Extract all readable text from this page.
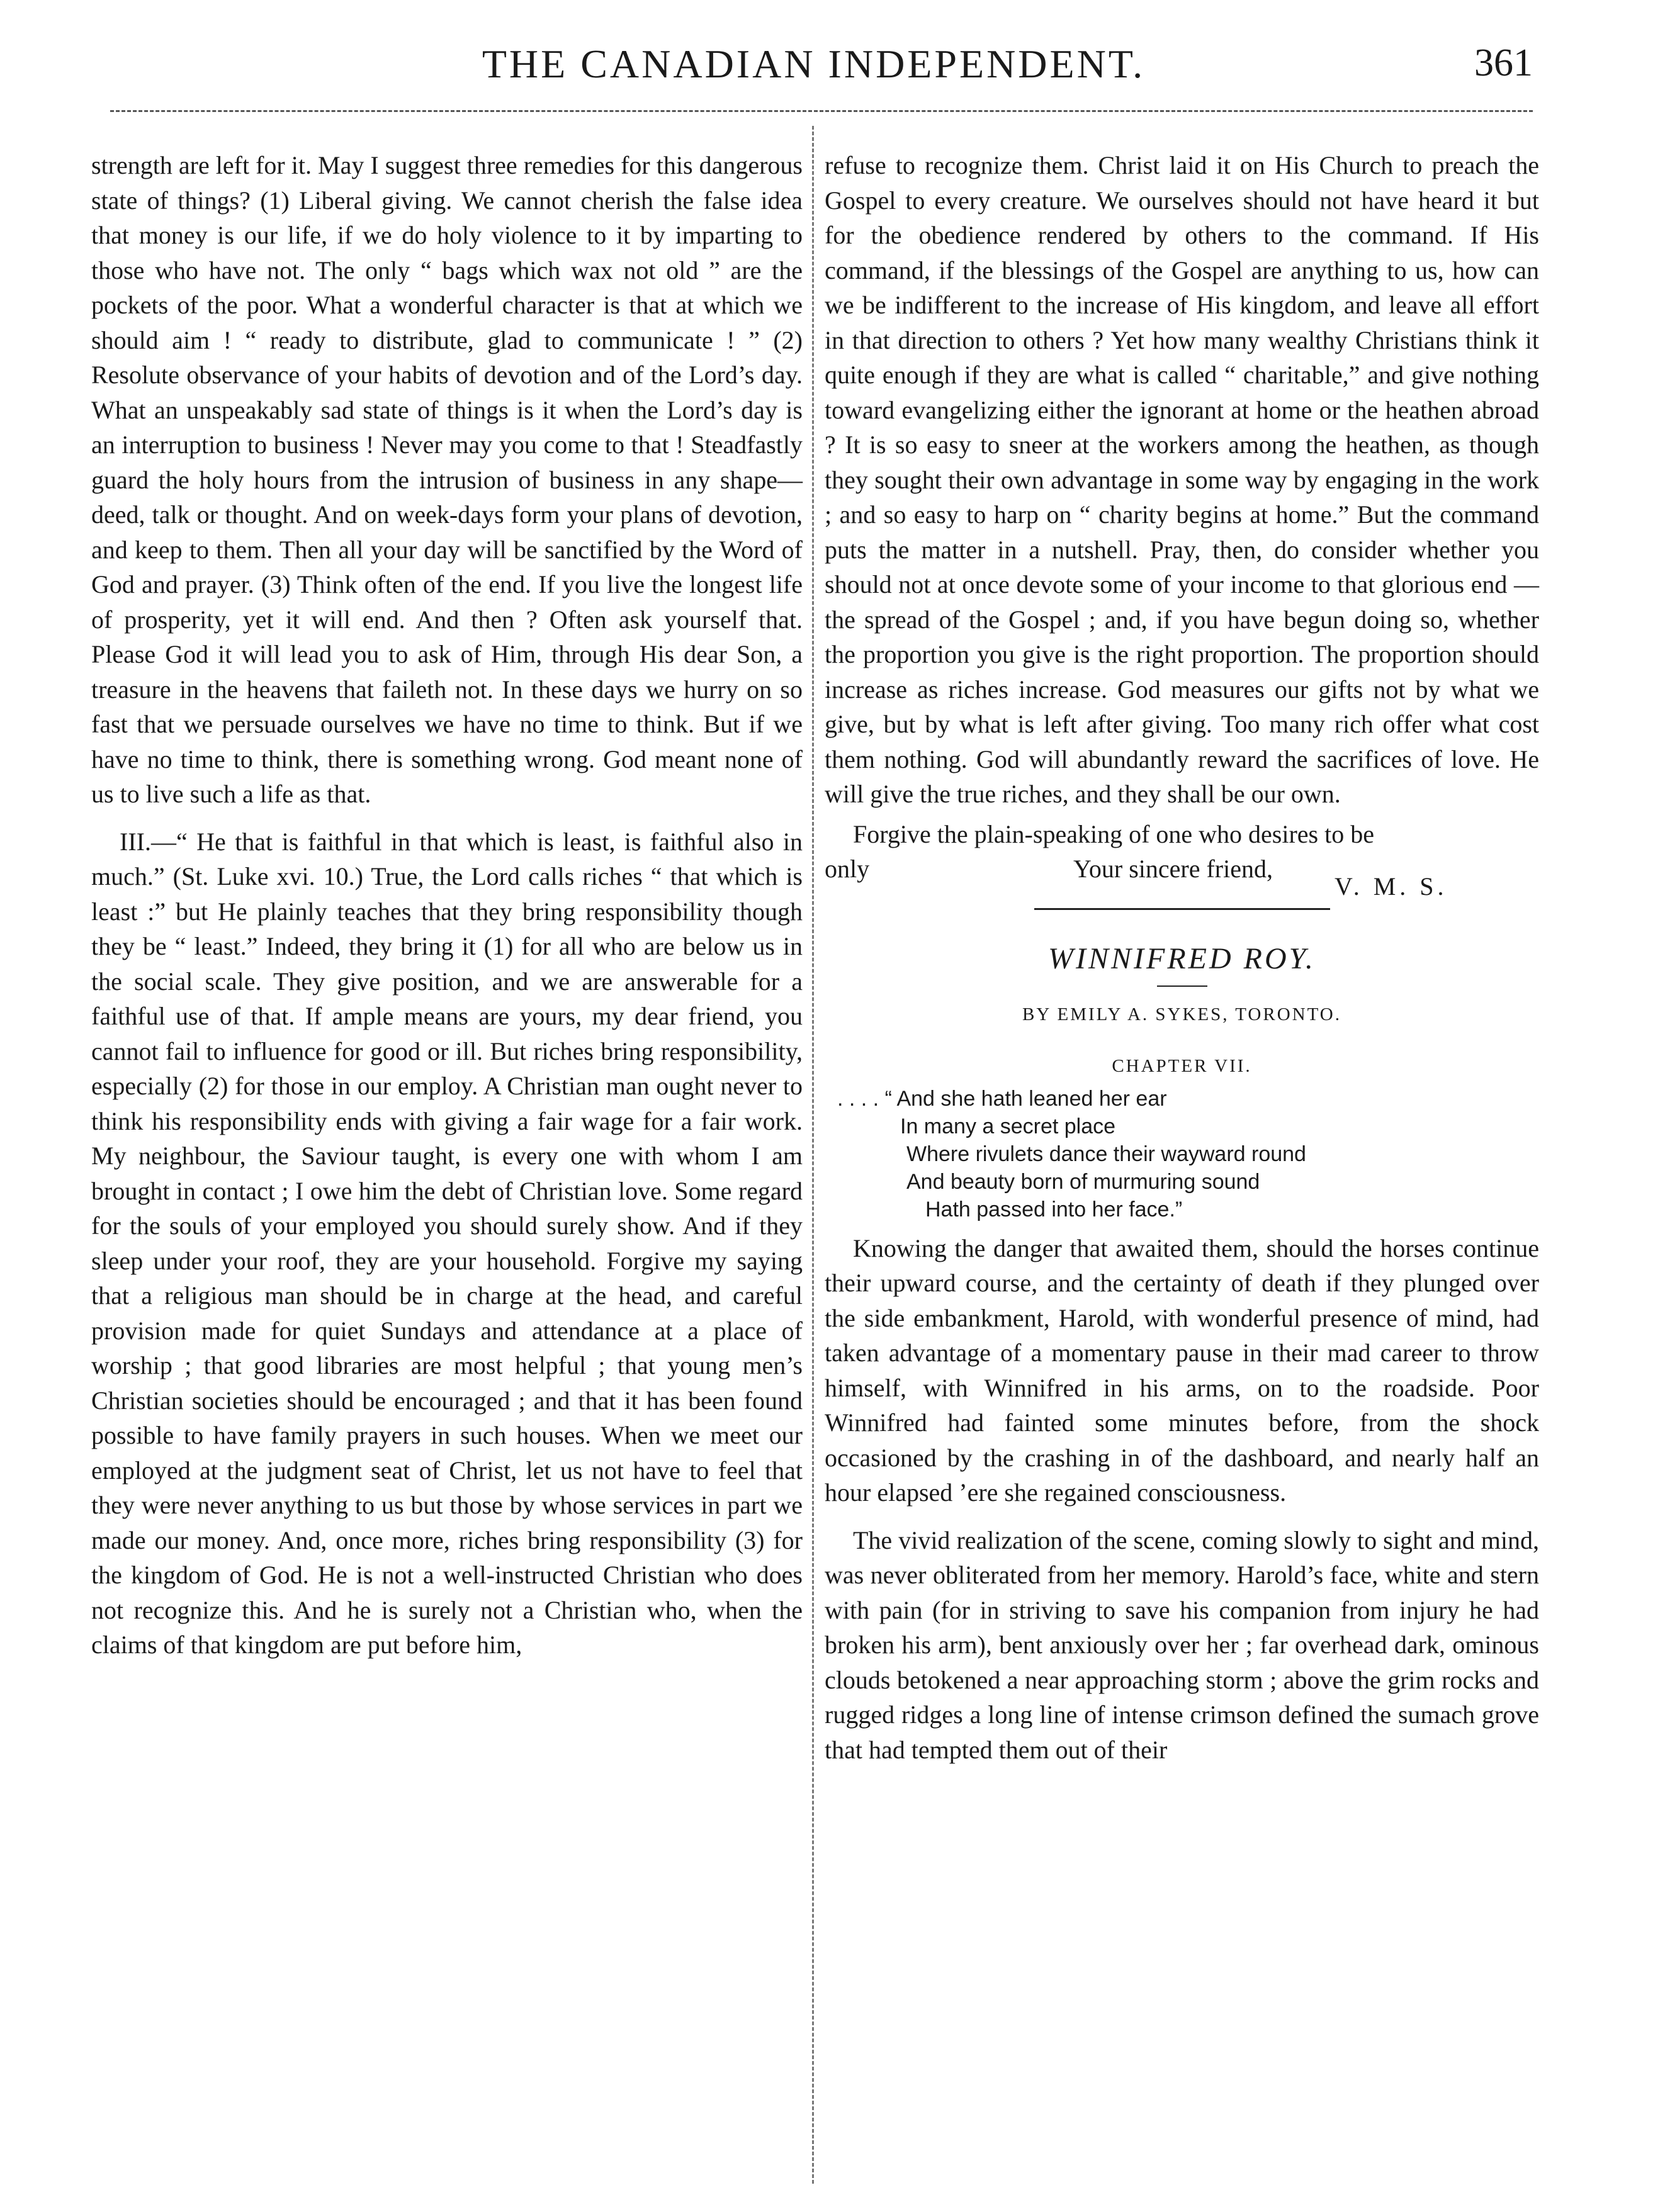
THE CANADIAN INDEPENDENT.	361

strength are left for it. May I suggest three remedies for this dangerous state of things? (1) Liberal giving. We cannot cherish the false idea that money is our life, if we do holy violence to it by imparting to those who have not. The only “ bags which wax not old ” are the pockets of the poor. What a wonderful character is that at which we should aim ! “ ready to distribute, glad to communicate ! ” (2) Resolute observance of your habits of devotion and of the Lord’s day. What an unspeakably sad state of things is it when the Lord’s day is an interruption to business ! Never may you come to that ! Steadfastly guard the holy hours from the intrusion of business in any shape—deed, talk or thought. And on week-days form your plans of devotion, and keep to them. Then all your day will be sanctified by the Word of God and prayer. (3) Think often of the end. If you live the longest life of prosperity, yet it will end. And then ? Often ask yourself that. Please God it will lead you to ask of Him, through His dear Son, a treasure in the heavens that faileth not. In these days we hurry on so fast that we persuade ourselves we have no time to think. But if we have no time to think, there is something wrong. God meant none of us to live such a life as that.

III.—“ He that is faithful in that which is least, is faithful also in much.” (St. Luke xvi. 10.) True, the Lord calls riches “ that which is least :” but He plainly teaches that they bring responsibility though they be “ least.” Indeed, they bring it (1) for all who are below us in the social scale. They give position, and we are answerable for a faithful use of that. If ample means are yours, my dear friend, you cannot fail to influence for good or ill. But riches bring responsibility, especially (2) for those in our employ. A Christian man ought never to think his responsibility ends with giving a fair wage for a fair work. My neighbour, the Saviour taught, is every one with whom I am brought in contact ; I owe him the debt of Christian love. Some regard for the souls of your employed you should surely show. And if they sleep under your roof, they are your household. Forgive my saying that a religious man should be in charge at the head, and careful provision made for quiet Sundays and attendance at a place of worship ; that good libraries are most helpful ; that young men’s Christian societies should be encouraged ; and that it has been found possible to have family prayers in such houses. When we meet our employed at the judgment seat of Christ, let us not have to feel that they were never anything to us but those by whose services in part we made our money. And, once more, riches bring responsibility (3) for the kingdom of God. He is not a well-instructed Christian who does not recognize this. And he is surely not a Christian who, when the claims of that kingdom are put before him,

refuse to recognize them. Christ laid it on His Church to preach the Gospel to every creature. We ourselves should not have heard it but for the obedience rendered by others to the command. If His command, if the blessings of the Gospel are anything to us, how can we be indifferent to the increase of His kingdom, and leave all effort in that direction to others ? Yet how many wealthy Christians think it quite enough if they are what is called “ charitable,” and give nothing toward evangelizing either the ignorant at home or the heathen abroad ? It is so easy to sneer at the workers among the heathen, as though they sought their own advantage in some way by engaging in the work ; and so easy to harp on “ charity begins at home.” But the command puts the matter in a nutshell. Pray, then, do consider whether you should not at once devote some of your income to that glorious end —the spread of the Gospel ; and, if you have begun doing so, whether the proportion you give is the right proportion. The proportion should increase as riches increase. God measures our gifts not by what we give, but by what is left after giving. Too many rich offer what cost them nothing. God will abundantly reward the sacrifices of love. He will give the true riches, and they shall be our own.

Forgive the plain-speaking of one who desires to be

only	Your sincere friend,
V. M. S.
WINNIFRED ROY.
BY EMILY A. SYKES, TORONTO.
CHAPTER VII.
. . . . “ And she hath leaned her ear
In many a secret place
Where rivulets dance their wayward round
And beauty born of murmuring sound
Hath passed into her face.”

Knowing the danger that awaited them, should the horses continue their upward course, and the certainty of death if they plunged over the side embankment, Harold, with wonderful presence of mind, had taken advantage of a momentary pause in their mad career to throw himself, with Winnifred in his arms, on to the roadside. Poor Winnifred had fainted some minutes before, from the shock occasioned by the crashing in of the dashboard, and nearly half an hour elapsed ’ere she regained consciousness.

The vivid realization of the scene, coming slowly to sight and mind, was never obliterated from her memory. Harold’s face, white and stern with pain (for in striving to save his companion from injury he had broken his arm), bent anxiously over her ; far overhead dark, ominous clouds betokened a near approaching storm ; above the grim rocks and rugged ridges a long line of intense crimson defined the sumach grove that had tempted them out of their
